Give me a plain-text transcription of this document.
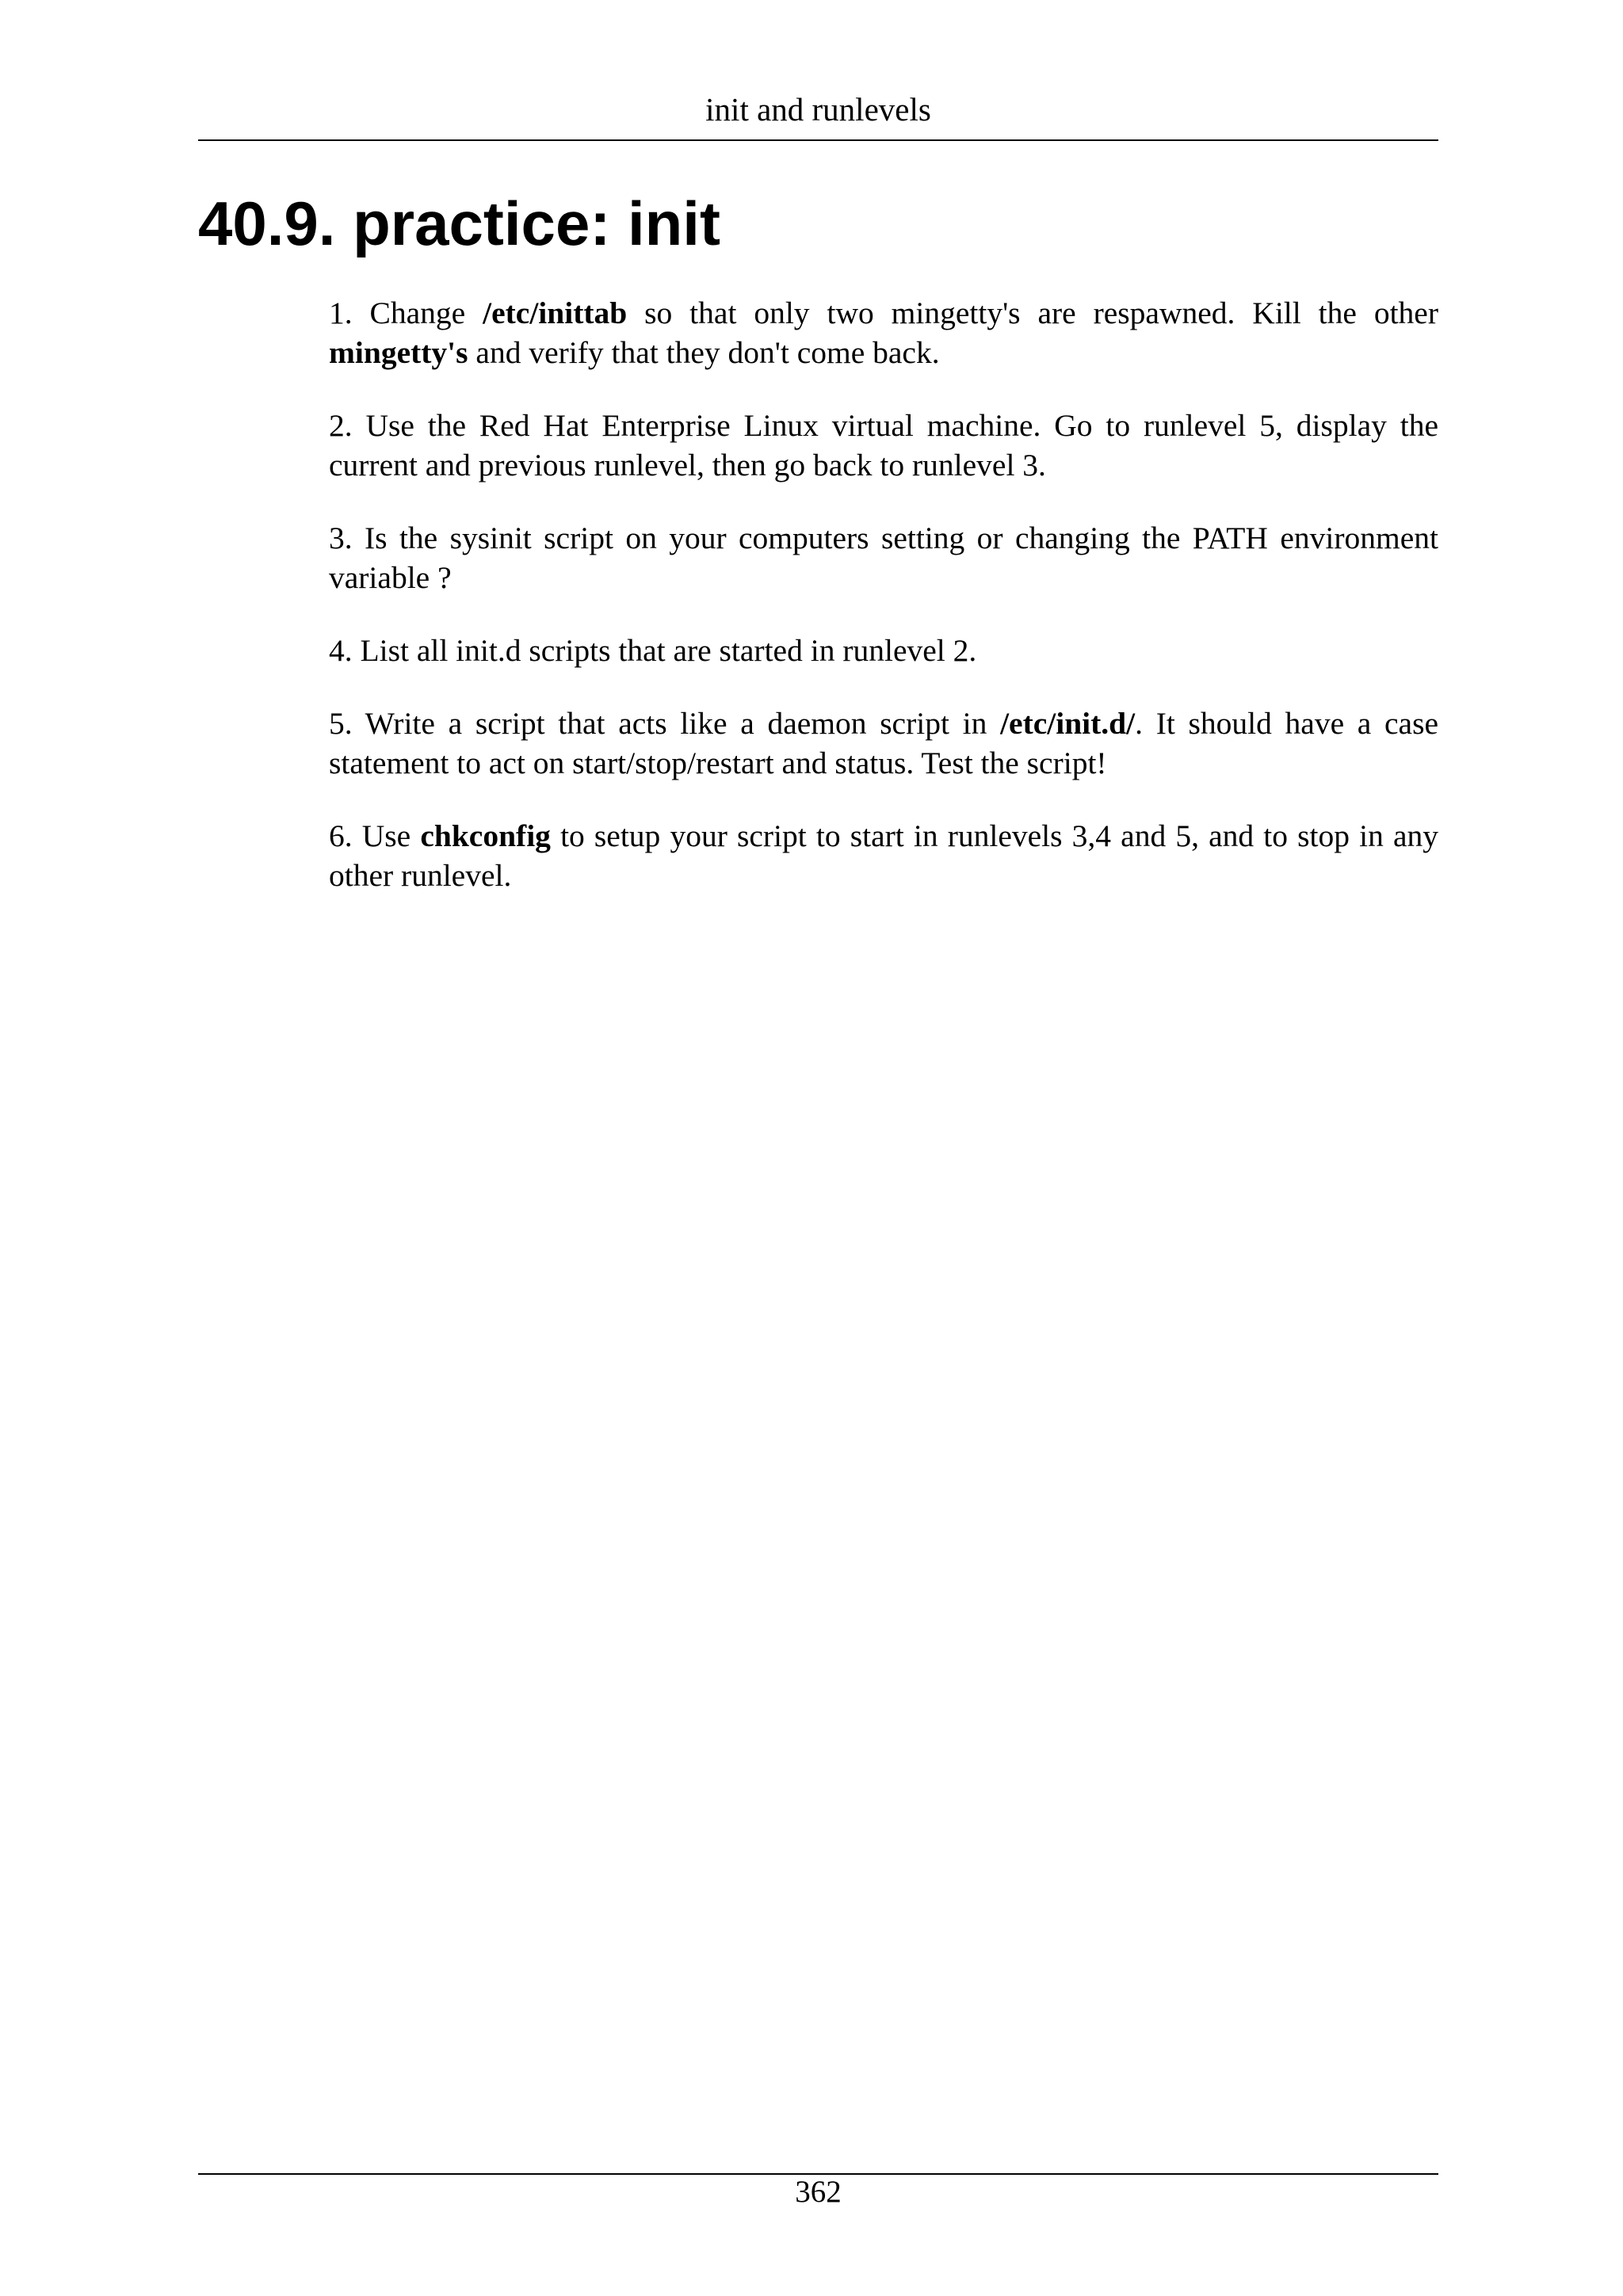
init and runlevels
40.9. practice: init

1. Change /etc/inittab so that only two mingetty's are respawned. Kill the other mingetty's and verify that they don't come back.

2. Use the Red Hat Enterprise Linux virtual machine. Go to runlevel 5, display the current and previous runlevel, then go back to runlevel 3.

3. Is the sysinit script on your computers setting or changing the PATH environment variable ?

4. List all init.d scripts that are started in runlevel 2.

5. Write a script that acts like a daemon script in /etc/init.d/. It should have a case statement to act on start/stop/restart and status. Test the script!

6. Use chkconfig to setup your script to start in runlevels 3,4 and 5, and to stop in any other runlevel.

362
